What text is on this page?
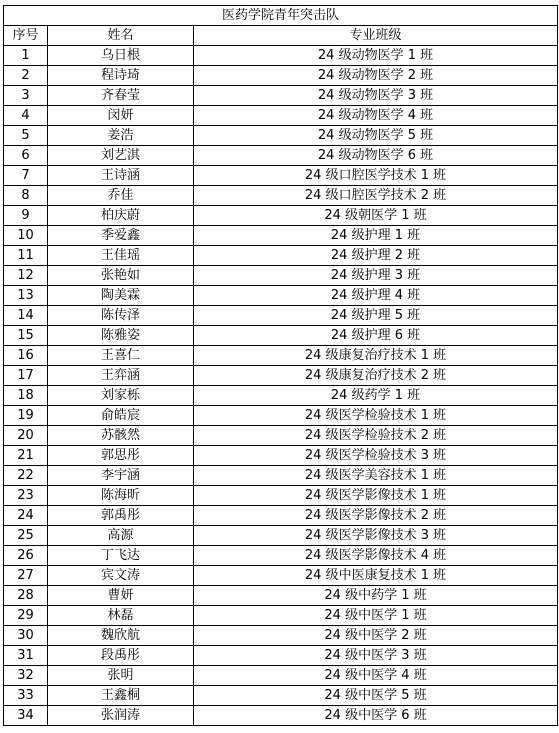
医药学院青年突击队		
序号	姓名	专业班级
1	乌日根	24 级动物医学 1 班
2	程诗琦	24 级动物医学 2 班
3	齐春莹	24 级动物医学 3 班
4	闵妍	24 级动物医学 4 班
5	姜浩	24 级动物医学 5 班
6	刘艺淇	24 级动物医学 6 班
7	王诗涵	24 级口腔医学技术 1 班
8	乔佳	24 级口腔医学技术 2 班
9	柏庆蔚	24 级朝医学 1 班
10	季爱鑫	24 级护理 1 班
11	王佳瑶	24 级护理 2 班
12	张艳如	24 级护理 3 班
13	陶美霖	24 级护理 4 班
14	陈传泽	24 级护理 5 班
15	陈雅姿	24 级护理 6 班
16	王喜仁	24 级康复治疗技术 1 班
17	王弈涵	24 级康复治疗技术 2 班
18	刘家栎	24 级药学 1 班
19	俞皓宸	24 级医学检验技术 1 班
20	苏骸然	24 级医学检验技术 2 班
21	郭思彤	24 级医学检验技术 3 班
22	李宇涵	24 级医学美容技术 1 班
23	陈海昕	24 级医学影像技术 1 班
24	郭禹彤	24 级医学影像技术 2 班
25	高源	24 级医学影像技术 3 班
26	丁飞达	24 级医学影像技术 4 班
27	宾文涛	24 级中医康复技术 1 班
28	曹妍	24 级中药学 1 班
29	林磊	24 级中医学 1 班
30	魏欣航	24 级中医学 2 班
31	段禹彤	24 级中医学 3 班
32	张明	24 级中医学 4 班
33	王鑫桐	24 级中医学 5 班
34	张润涛	24 级中医学 6 班
